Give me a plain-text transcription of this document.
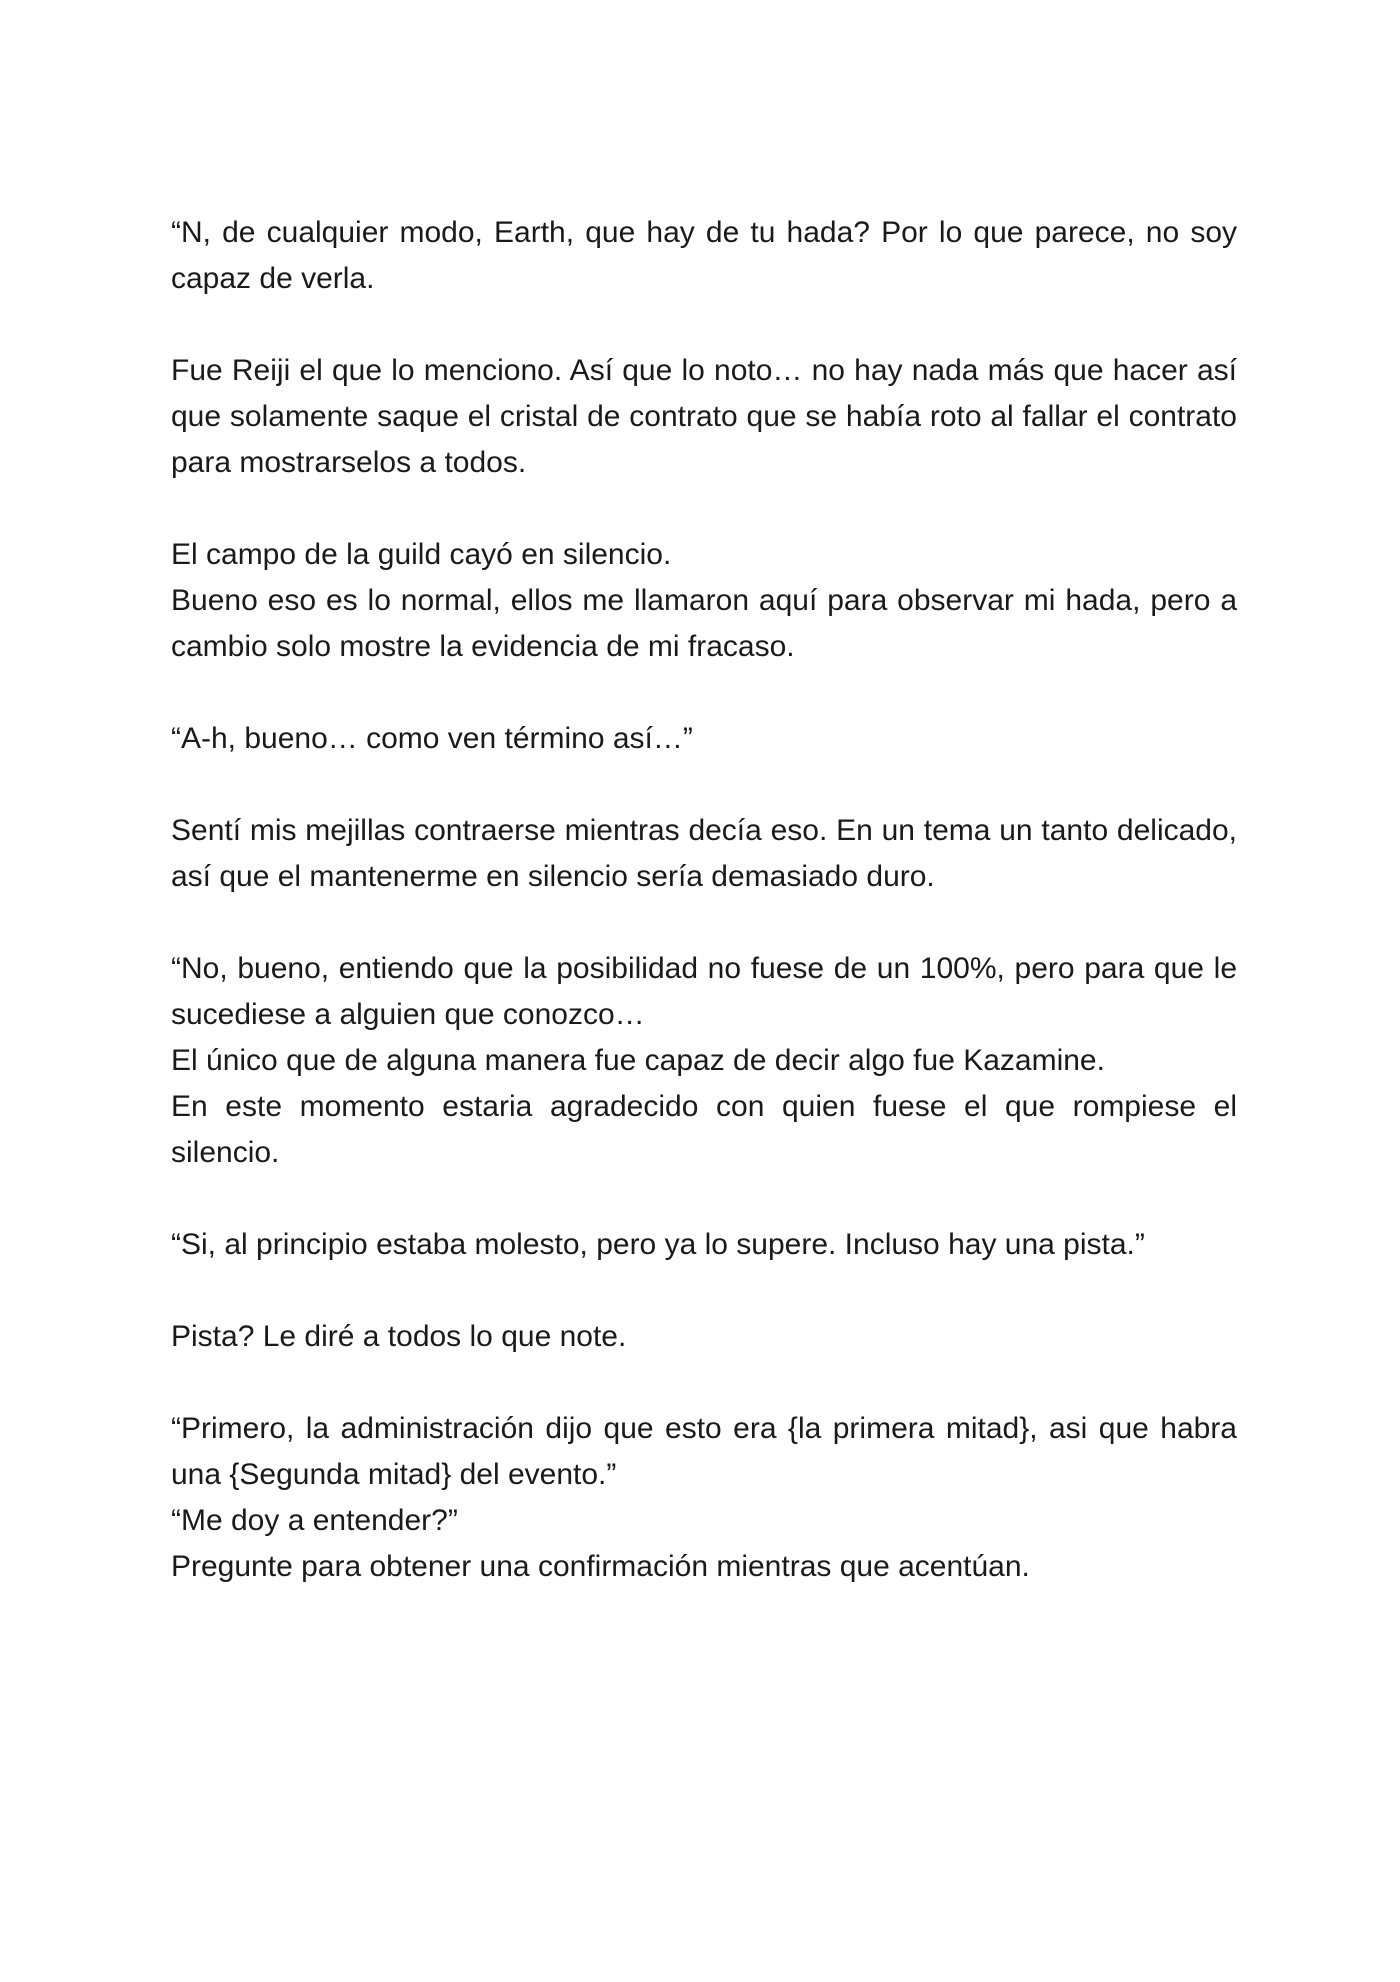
“N, de cualquier modo, Earth, que hay de tu hada? Por lo que parece, no soy capaz de verla.

Fue Reiji el que lo menciono. Así que lo noto… no hay nada más que hacer así que solamente saque el cristal de contrato que se había roto al fallar el contrato para mostrarselos a todos.

El campo de la guild cayó en silencio.

Bueno eso es lo normal, ellos me llamaron aquí para observar mi hada, pero a cambio solo mostre la evidencia de mi fracaso.

“A-h, bueno… como ven término así…”

Sentí mis mejillas contraerse mientras decía eso. En un tema un tanto delicado, así que el mantenerme en silencio sería demasiado duro.

“No, bueno, entiendo que la posibilidad no fuese de un 100%, pero para que le sucediese a alguien que conozco…

El único que de alguna manera fue capaz de decir algo fue Kazamine.

En este momento estaria agradecido con quien fuese el que rompiese el silencio.

“Si, al principio estaba molesto, pero ya lo supere. Incluso hay una pista.”

Pista? Le diré a todos lo que note.

“Primero, la administración dijo que esto era {la primera mitad}, asi que habra una {Segunda mitad} del evento.”

“Me doy a entender?”

Pregunte para obtener una confirmación mientras que acentúan.
